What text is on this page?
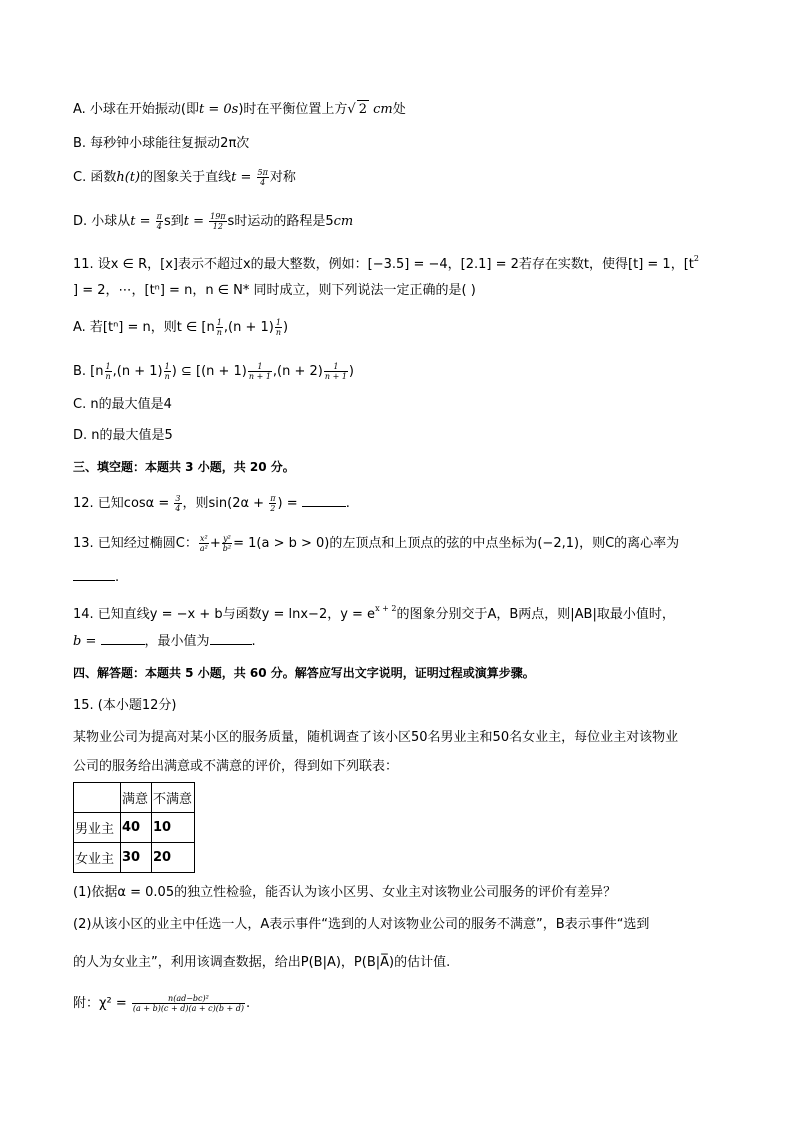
A. 小球在开始振动(即t = 0s)时在平衡位置上方√ 2 cm处
B. 每秒钟小球能往复振动2π次
C. 函数h(t)的图象关于直线$t = \frac{5\pi}{4}$ 对称
D. 小球从$t = \frac{\pi}{4}$ s到$t = \frac{19\pi}{12}$ s时运动的路程是5cm
11. 设x ∈ R，[x]表示不超过x的最大整数，例如：[−3.5] = −4，[2.1] = 2若存在实数t，使得[t] = 1，[$t^2$
] = 2，⋯，[tⁿ] = n，n ∈ N* 同时成立，则下列说法一定正确的是( )
A. 若[tⁿ] = n，则t ∈ [$n \frac{1}{n} ,(n + 1) \frac{1}{n}$ )
B. [$n \frac{1}{n} ,(n + 1) \frac{1}{n}$ ) ⊆ [$(n + 1) \frac{1}{n + 1} ,(n + 2) \frac{1}{n + 1}$ )
C. n的最大值是4
D. n的最大值是5
三、填空题：本题共 3 小题，共 20 分。
12. 已知$\cos\alpha = \frac{3}{4}$ ，则$\sin(2\alpha + \frac{\pi}{2}$ ) =	.
13. 已知经过椭圆C： $\frac{\text{x²}}{\text{a²}} + \frac{\text{y²}}{\text{b²}} = 1(a > b > 0)$的左顶点和上顶点的弦的中点坐标为(−2,1)，则C的离心率为
.
14. 已知直线y = −x + b与函数y = lnx−2，$y = e^{x + 2}$的图象分别交于A，B两点，则|AB|取最小值时，
b =	，最小值为	.
四、解答题：本题共 5 小题，共 60 分。解答应写出文字说明，证明过程或演算步骤。
15. (本小题12分)
某物业公司为提高对某小区的服务质量，随机调查了该小区50名男业主和50名女业主，每位业主对该物业
公司的服务给出满意或不满意的评价，得到如下列联表：
	满意	不满意
男业主	40	10
女业主	30	20
(1)依据α = 0.05的独立性检验，能否认为该小区男、女业主对该物业公司服务的评价有差异？
(2)从该小区的业主中任选一人，A表示事件“选到的人对该物业公司的服务不满意”，B表示事件“选到
的人为女业主”，利用该调查数据，给出P(B|A)，P(B|A̅)的估计值.
附：$\chi^2 = \frac{\text{n(ad−bc)²}}{(a + b)(c + d)(a + c)(b + d)}$ .
